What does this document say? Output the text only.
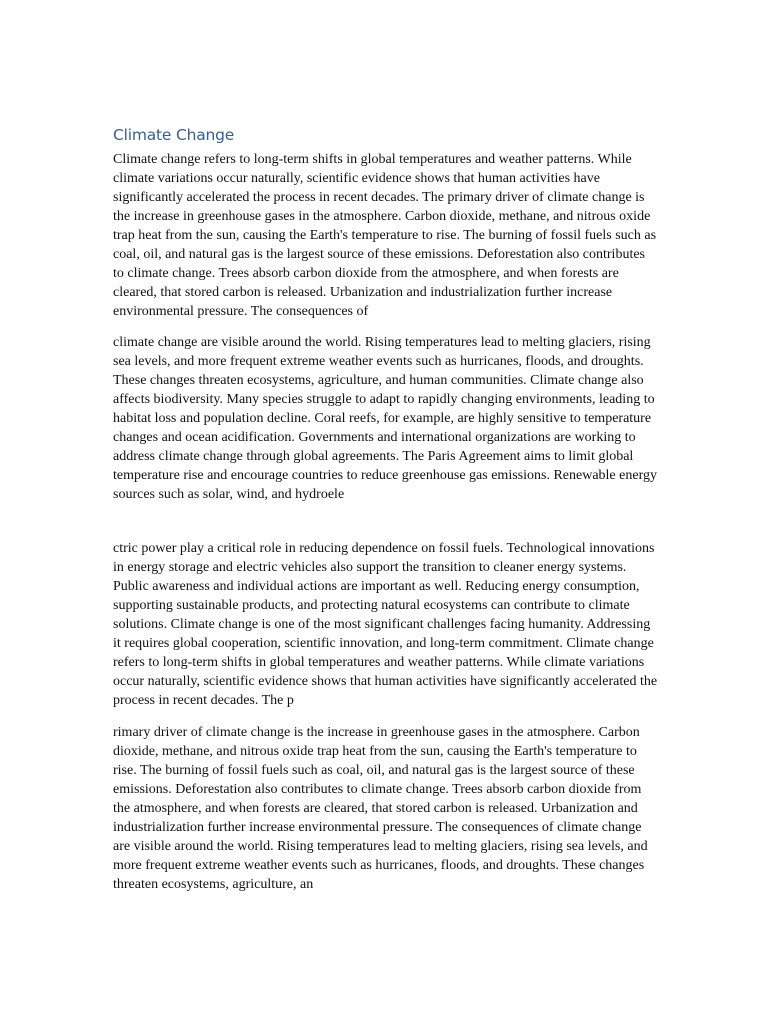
Climate Change

Climate change refers to long-term shifts in global temperatures and weather patterns. While climate variations occur naturally, scientific evidence shows that human activities have significantly accelerated the process in recent decades. The primary driver of climate change is the increase in greenhouse gases in the atmosphere. Carbon dioxide, methane, and nitrous oxide trap heat from the sun, causing the Earth's temperature to rise. The burning of fossil fuels such as coal, oil, and natural gas is the largest source of these emissions. Deforestation also contributes to climate change. Trees absorb carbon dioxide from the atmosphere, and when forests are cleared, that stored carbon is released. Urbanization and industrialization further increase environmental pressure. The consequences of

climate change are visible around the world. Rising temperatures lead to melting glaciers, rising sea levels, and more frequent extreme weather events such as hurricanes, floods, and droughts. These changes threaten ecosystems, agriculture, and human communities. Climate change also affects biodiversity. Many species struggle to adapt to rapidly changing environments, leading to habitat loss and population decline. Coral reefs, for example, are highly sensitive to temperature changes and ocean acidification. Governments and international organizations are working to address climate change through global agreements. The Paris Agreement aims to limit global temperature rise and encourage countries to reduce greenhouse gas emissions. Renewable energy sources such as solar, wind, and hydroele

ctric power play a critical role in reducing dependence on fossil fuels. Technological innovations in energy storage and electric vehicles also support the transition to cleaner energy systems. Public awareness and individual actions are important as well. Reducing energy consumption, supporting sustainable products, and protecting natural ecosystems can contribute to climate solutions. Climate change is one of the most significant challenges facing humanity. Addressing it requires global cooperation, scientific innovation, and long-term commitment. Climate change refers to long-term shifts in global temperatures and weather patterns. While climate variations occur naturally, scientific evidence shows that human activities have significantly accelerated the process in recent decades. The p

rimary driver of climate change is the increase in greenhouse gases in the atmosphere. Carbon dioxide, methane, and nitrous oxide trap heat from the sun, causing the Earth's temperature to rise. The burning of fossil fuels such as coal, oil, and natural gas is the largest source of these emissions. Deforestation also contributes to climate change. Trees absorb carbon dioxide from the atmosphere, and when forests are cleared, that stored carbon is released. Urbanization and industrialization further increase environmental pressure. The consequences of climate change are visible around the world. Rising temperatures lead to melting glaciers, rising sea levels, and more frequent extreme weather events such as hurricanes, floods, and droughts. These changes threaten ecosystems, agriculture, an
